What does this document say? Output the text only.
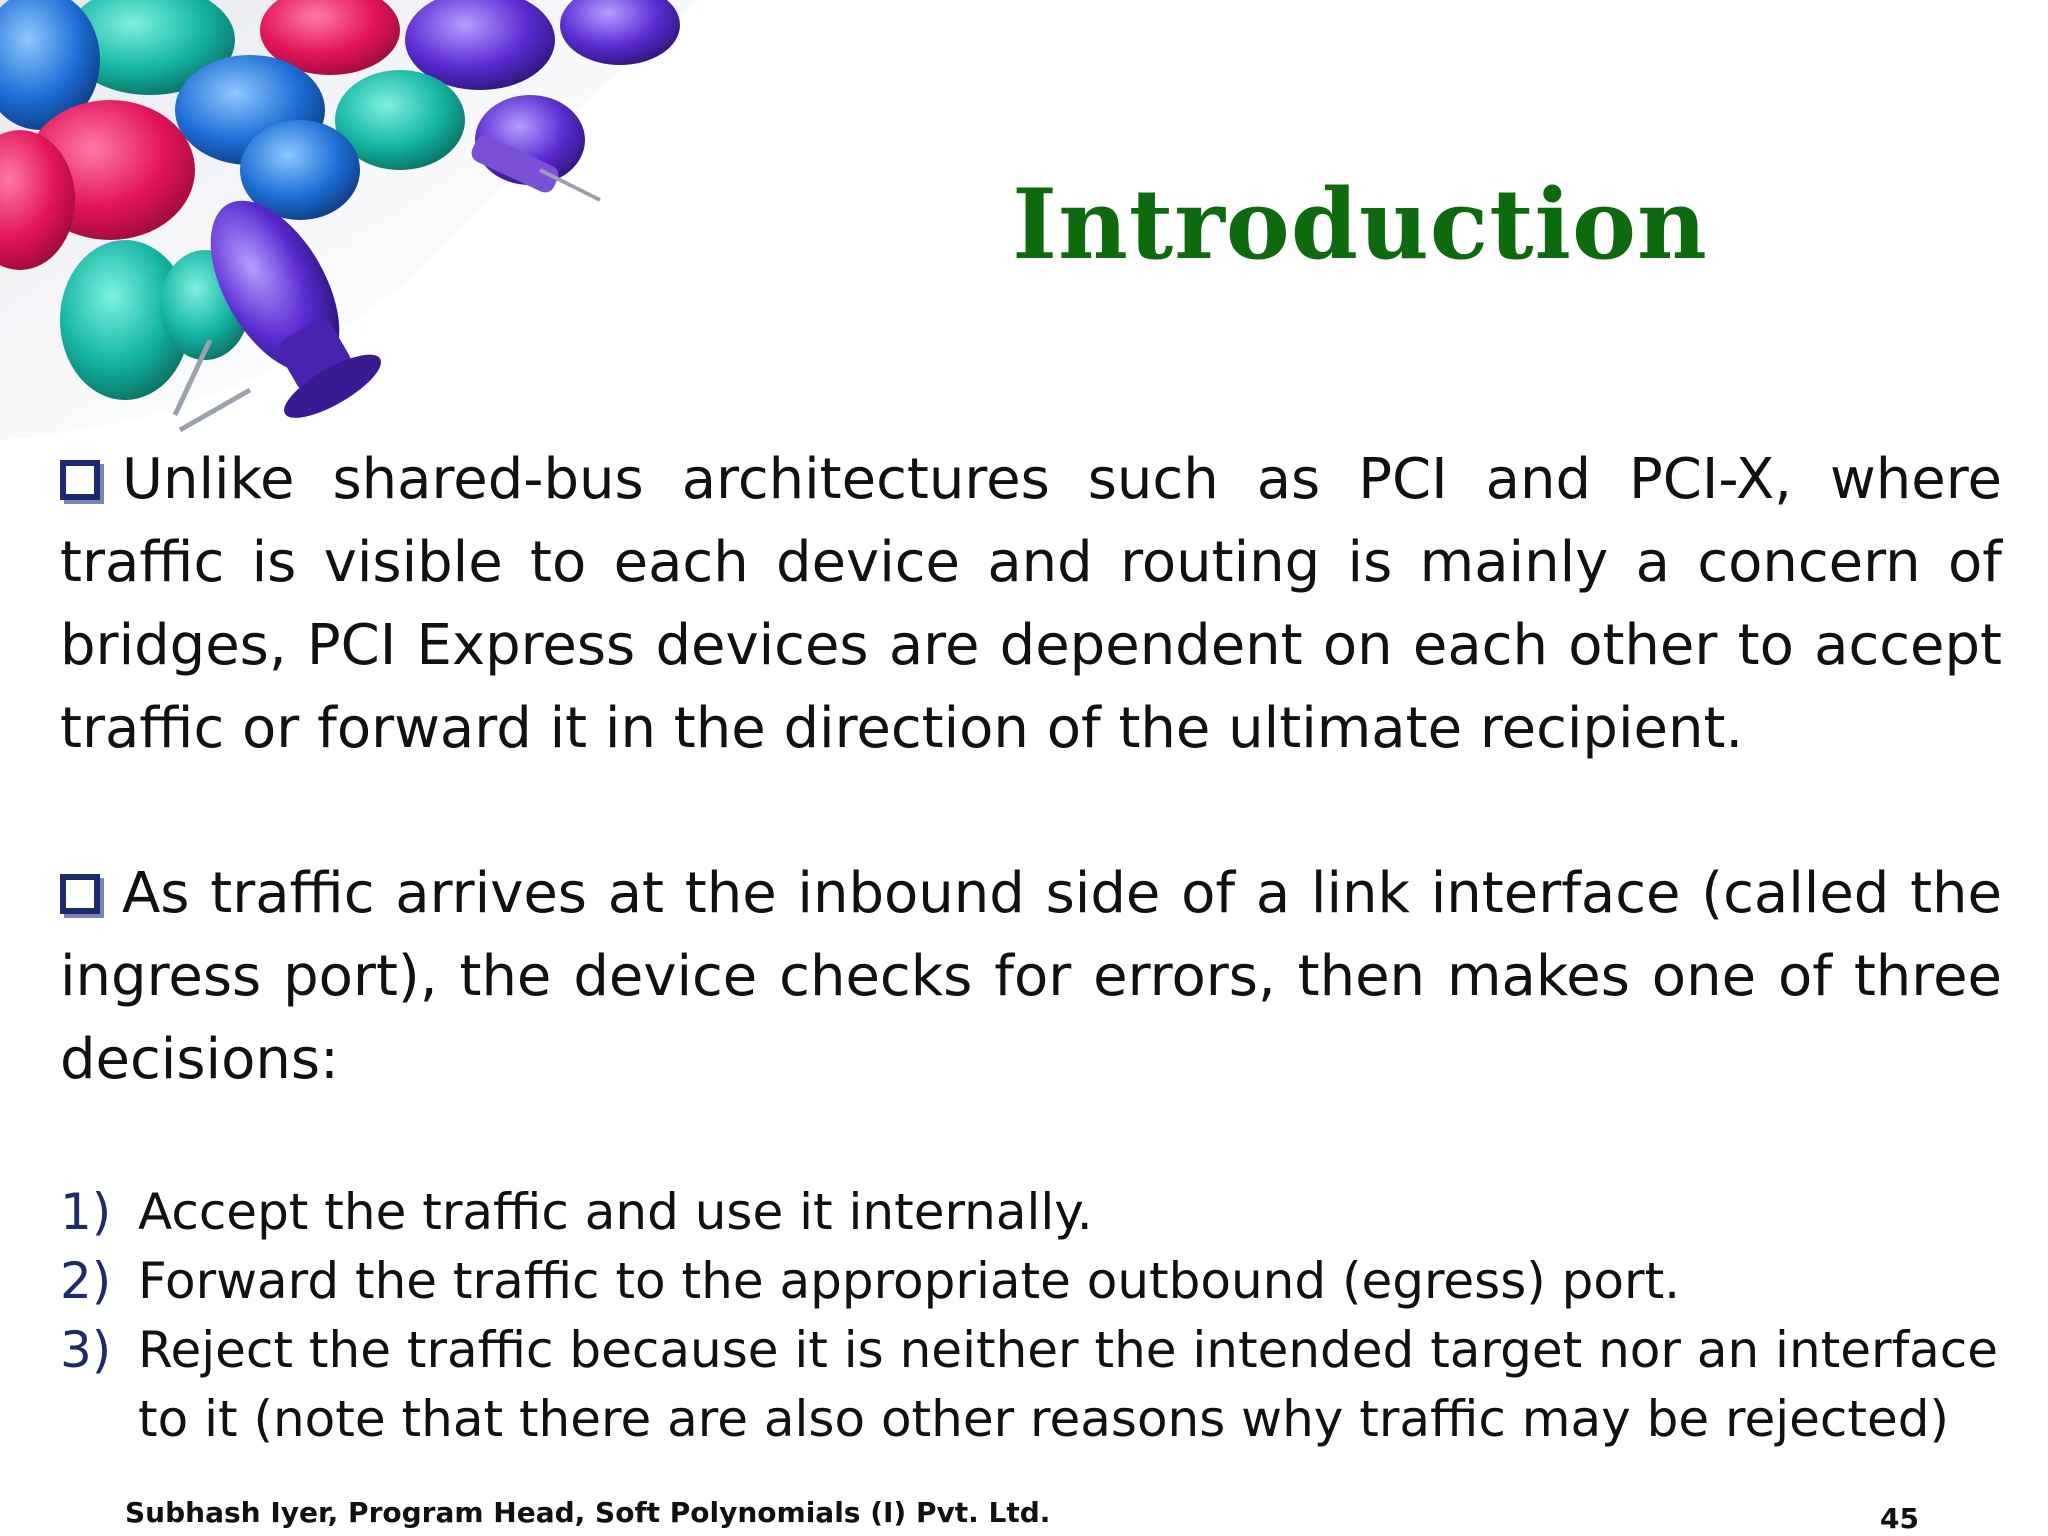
Introduction
Unlike shared-bus architectures such as PCI and PCI-X, where traffic is visible to each device and routing is mainly a concern of bridges, PCI Express devices are dependent on each other to accept traffic or forward it in the direction of the ultimate recipient.
As traffic arrives at the inbound side of a link interface (called the ingress port), the device checks for errors, then makes one of three decisions:
1) Accept the traffic and use it internally.
2) Forward the traffic to the appropriate outbound (egress) port.
3) Reject the traffic because it is neither the intended target nor an interface to it (note that there are also other reasons why traffic may be rejected)
Subhash Iyer, Program Head, Soft Polynomials (I) Pvt. Ltd.	45
